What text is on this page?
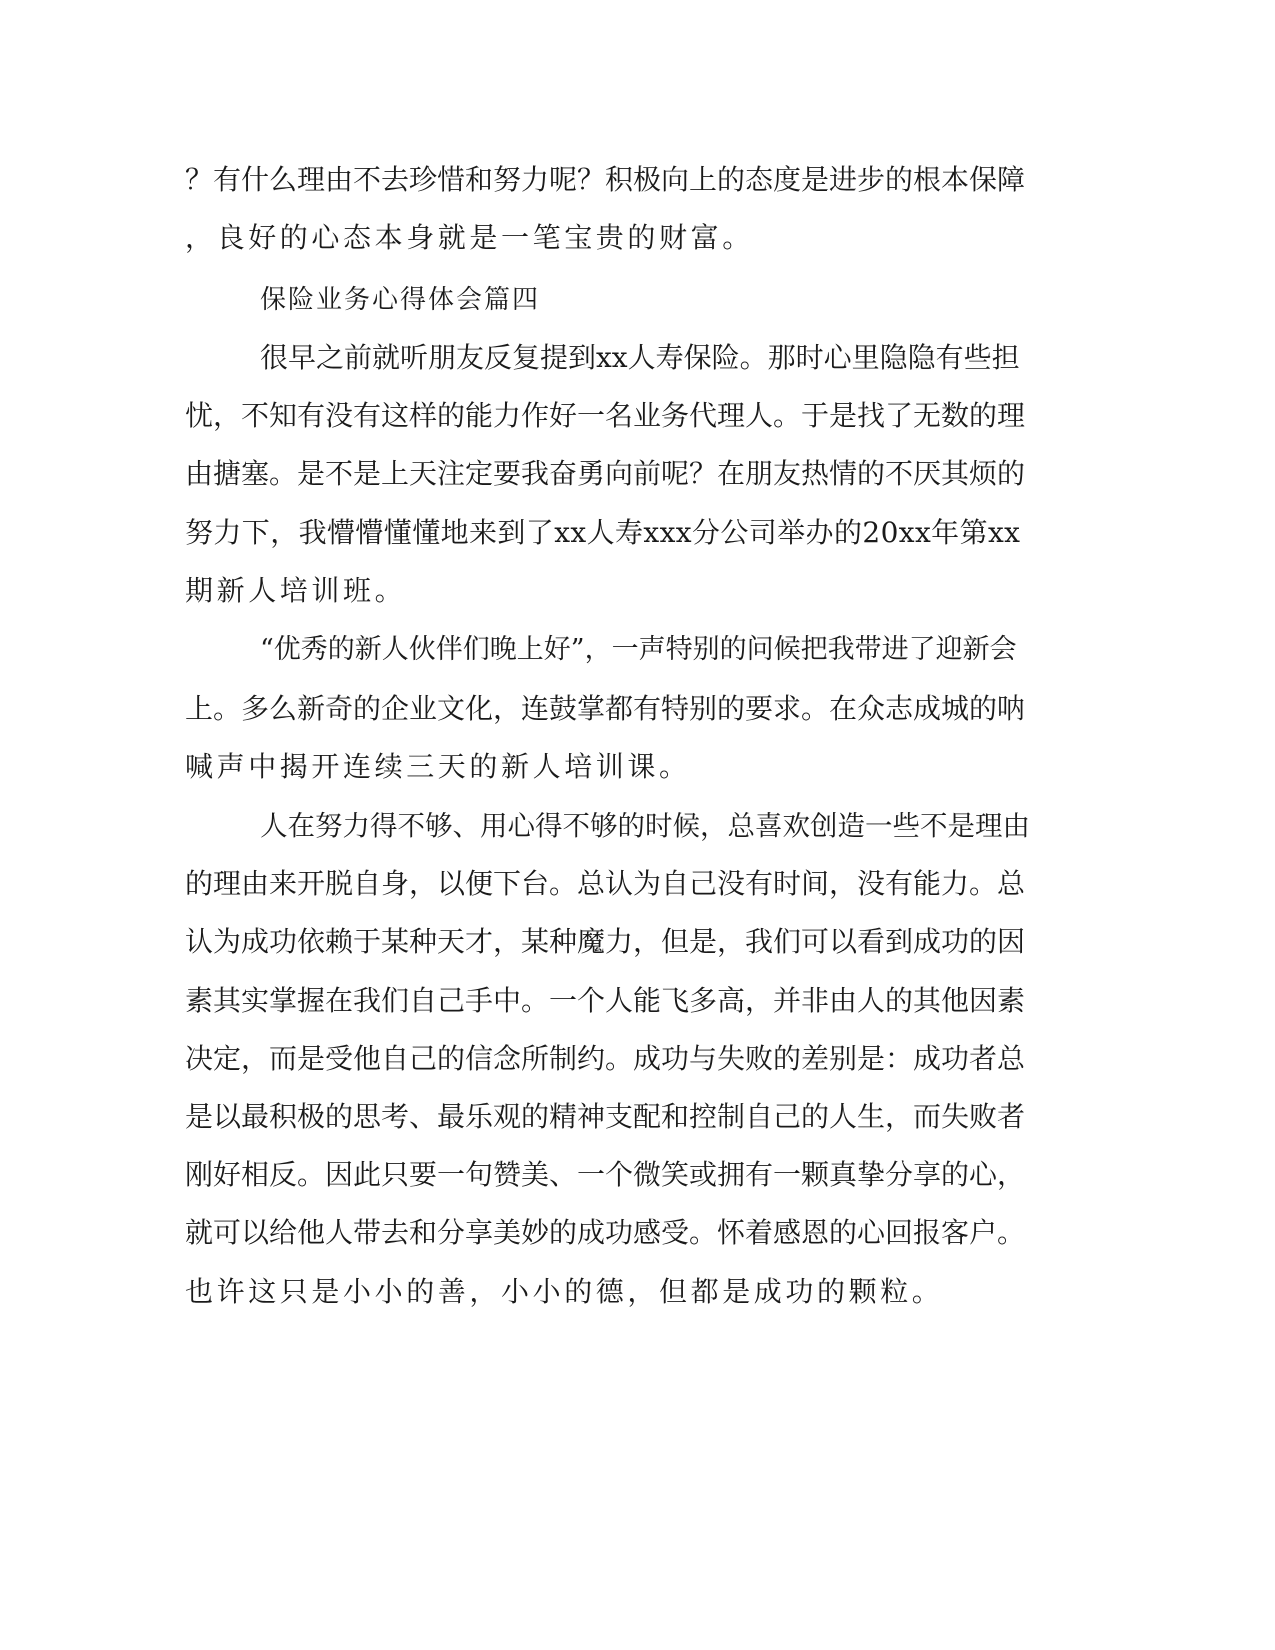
？有什么理由不去珍惜和努力呢？积极向上的态度是进步的根本保障
，良好的心态本身就是一笔宝贵的财富。
保险业务心得体会篇四
很早之前就听朋友反复提到xx人寿保险。那时心里隐隐有些担
忧，不知有没有这样的能力作好一名业务代理人。于是找了无数的理
由搪塞。是不是上天注定要我奋勇向前呢？在朋友热情的不厌其烦的
努力下，我懵懵懂懂地来到了xx人寿xxx分公司举办的20xx年第xx
期新人培训班。
“优秀的新人伙伴们晚上好”，一声特别的问候把我带进了迎新会
上。多么新奇的企业文化，连鼓掌都有特别的要求。在众志成城的呐
喊声中揭开连续三天的新人培训课。
人在努力得不够、用心得不够的时候，总喜欢创造一些不是理由
的理由来开脱自身，以便下台。总认为自己没有时间，没有能力。总
认为成功依赖于某种天才，某种魔力，但是，我们可以看到成功的因
素其实掌握在我们自己手中。一个人能飞多高，并非由人的其他因素
决定，而是受他自己的信念所制约。成功与失败的差别是：成功者总
是以最积极的思考、最乐观的精神支配和控制自己的人生，而失败者
刚好相反。因此只要一句赞美、一个微笑或拥有一颗真挚分享的心，
就可以给他人带去和分享美妙的成功感受。怀着感恩的心回报客户。
也许这只是小小的善，小小的德，但都是成功的颗粒。
